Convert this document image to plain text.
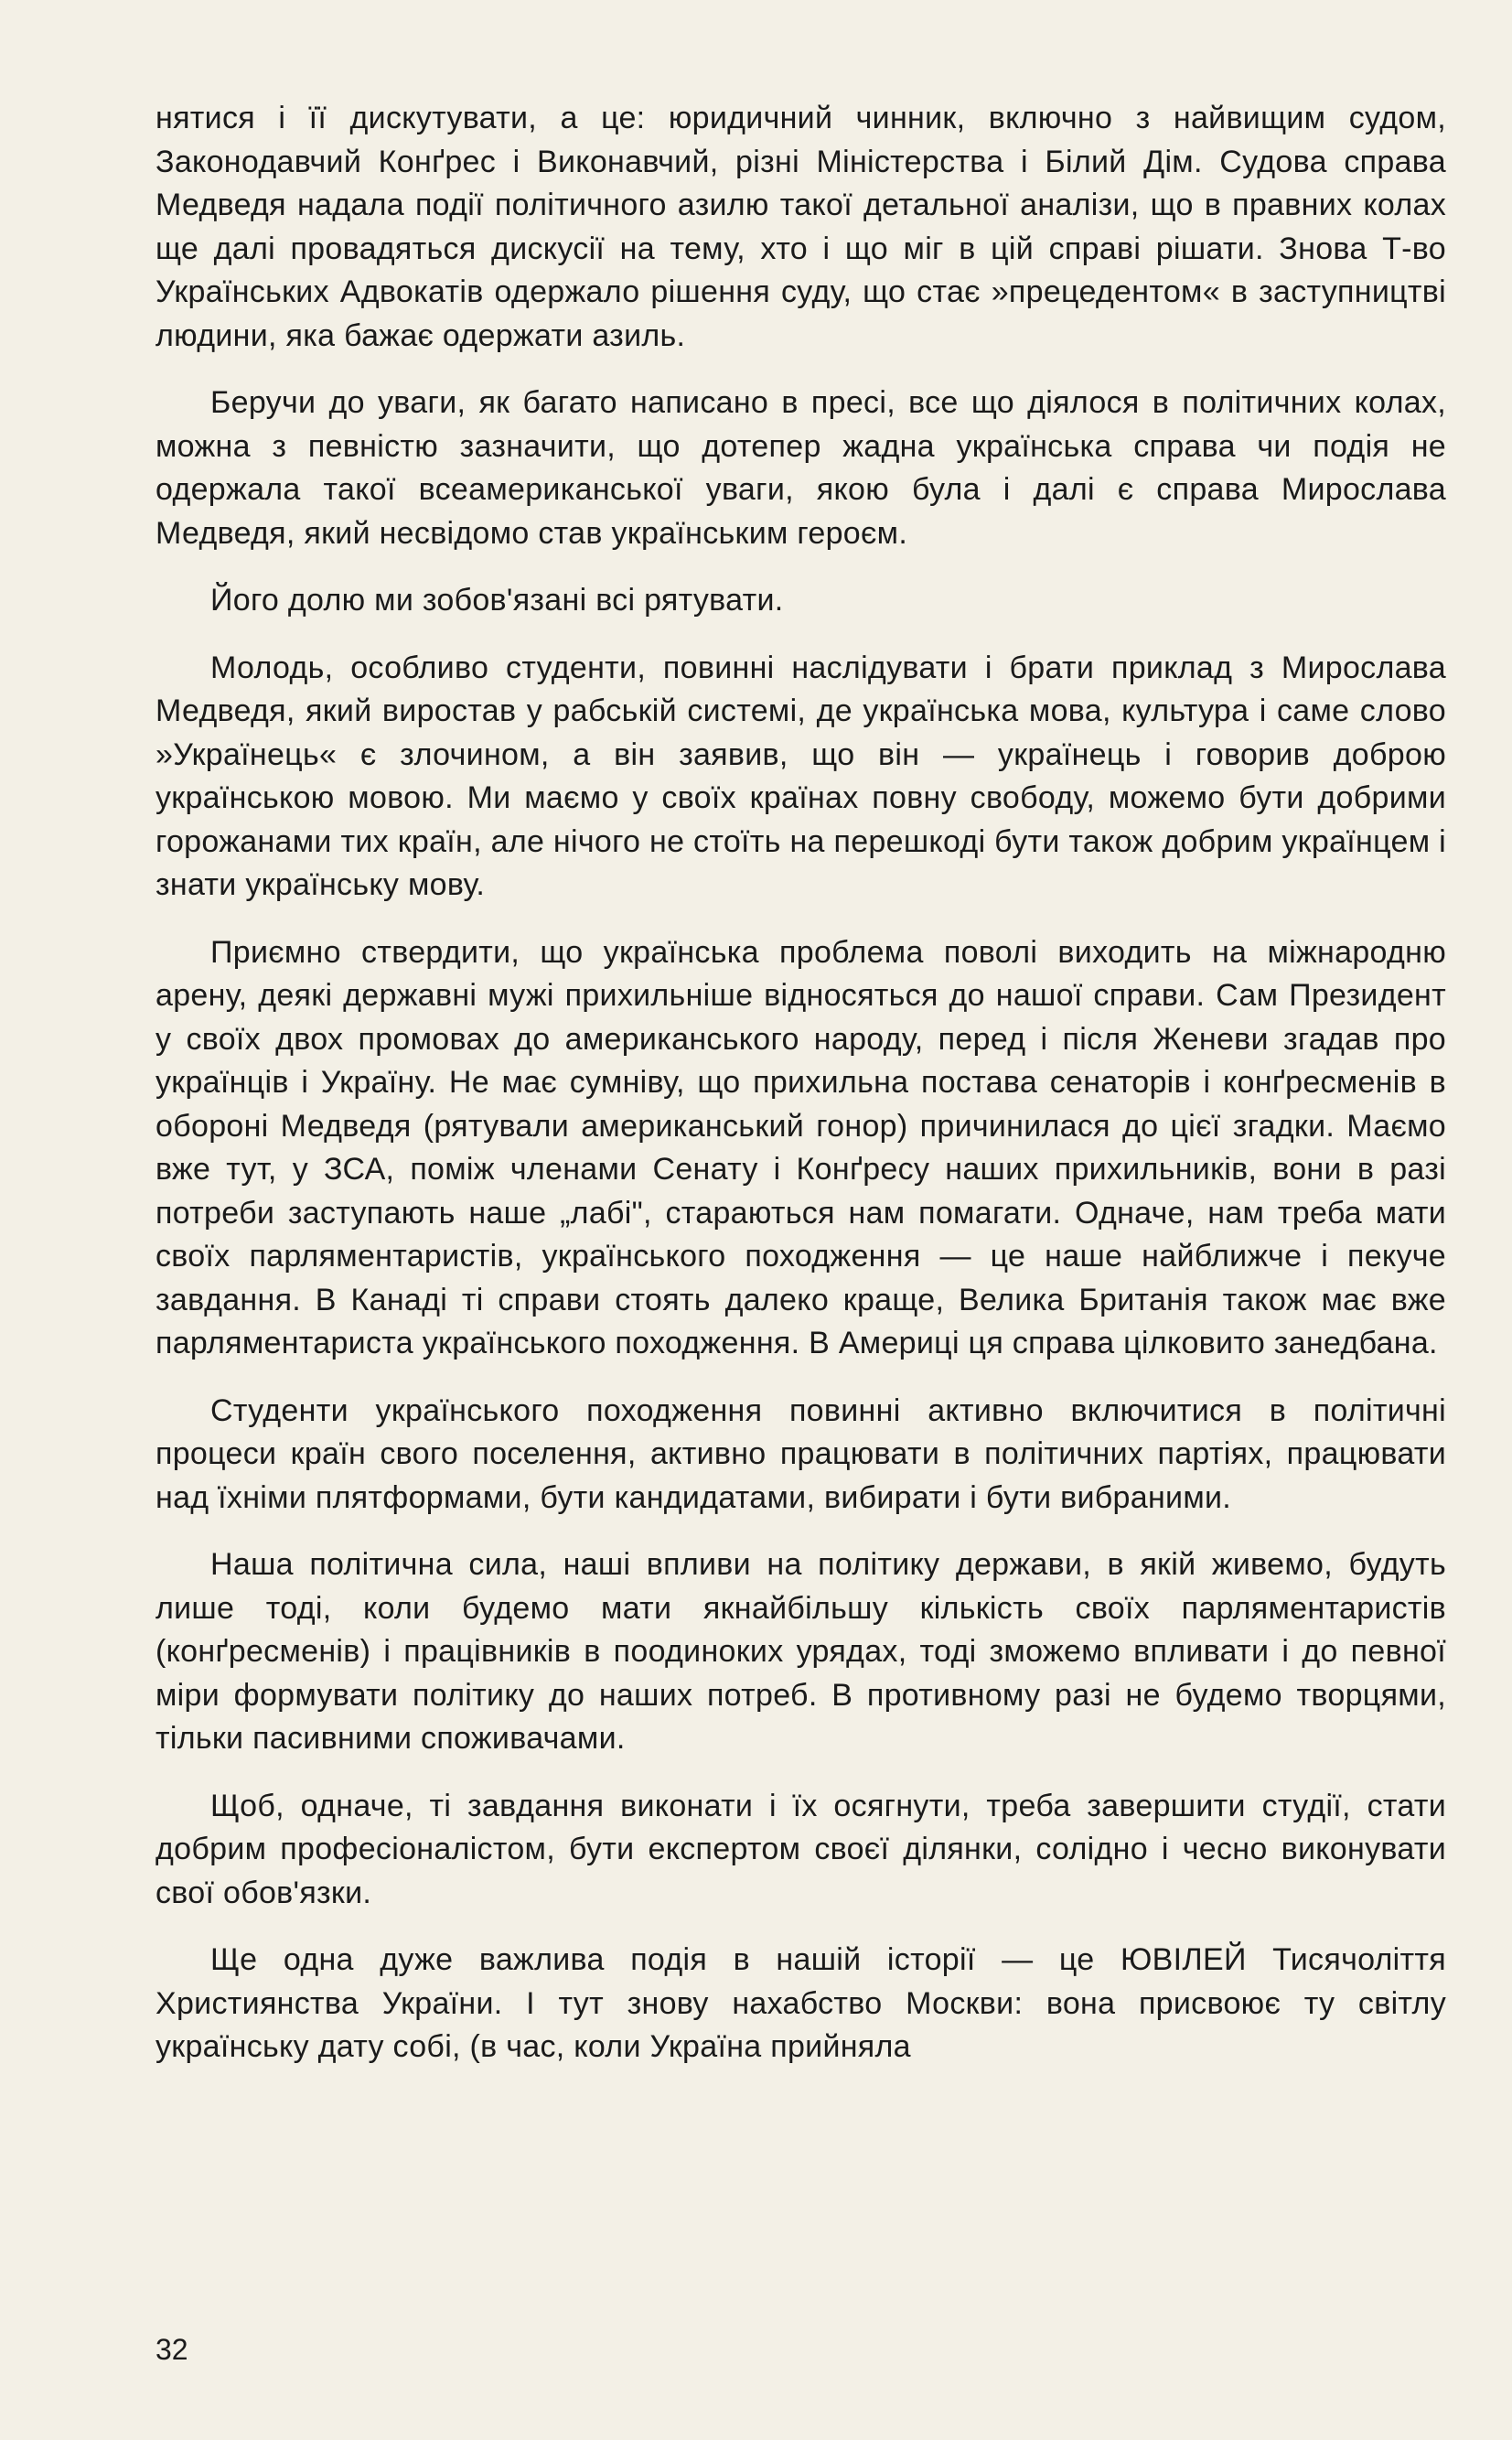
нятися і її дискутувати, а це: юридичний чинник, включно з найвищим судом, Законодавчий Конґрес і Виконавчий, різні Міністерства і Білий Дім. Судова справа Медведя надала події політичного азилю такої детальної аналізи, що в правних колах ще далі провадяться дискусії на тему, хто і що міг в цій справі рішати. Знова Т-во Українських Адвокатів одержало рішення суду, що стає »прецедентом« в заступництві людини, яка бажає одержати азиль.

Беручи до уваги, як багато написано в пресі, все що діялося в політичних колах, можна з певністю зазначити, що дотепер жадна українська справа чи подія не одержала такої всеамериканської уваги, якою була і далі є справа Мирослава Медведя, який несвідомо став українським героєм.

Його долю ми зобов'язані всі рятувати.

Молодь, особливо студенти, повинні наслідувати і брати приклад з Мирослава Медведя, який виростав у рабській системі, де українська мова, культура і саме слово »Українець« є злочином, а він заявив, що він — українець і говорив доброю українською мовою. Ми маємо у своїх країнах повну свободу, можемо бути добрими горожанами тих країн, але нічого не стоїть на перешкоді бути також добрим українцем і знати українську мову.

Приємно ствердити, що українська проблема поволі виходить на міжнародню арену, деякі державні мужі прихильніше відносяться до нашої справи. Сам Президент у своїх двох промовах до американського народу, перед і після Женеви згадав про українців і Україну. Не має сумніву, що прихильна постава сенаторів і конґресменів в обороні Медведя (рятували американський гонор) причинилася до цієї згадки. Маємо вже тут, у ЗСА, поміж членами Сенату і Конґресу наших прихильників, вони в разі потреби заступають наше „лабі", стараються нам помагати. Одначе, нам треба мати своїх парляментаристів, українського походження — це наше найближче і пекуче завдання. В Канаді ті справи стоять далеко краще, Велика Британія також має вже парляментариста українського походження. В Америці ця справа цілковито занедбана.

Студенти українського походження повинні активно включитися в політичні процеси країн свого поселення, активно працювати в політичних партіях, працювати над їхніми плятформами, бути кандидатами, вибирати і бути вибраними.

Наша політична сила, наші впливи на політику держави, в якій живемо, будуть лише тоді, коли будемо мати якнайбільшу кількість своїх парляментаристів (конґресменів) і працівників в поодиноких урядах, тоді зможемо впливати і до певної міри формувати політику до наших потреб. В противному разі не будемо творцями, тільки пасивними споживачами.

Щоб, одначе, ті завдання виконати і їх осягнути, треба завершити студії, стати добрим професіоналістом, бути експертом своєї ділянки, солідно і чесно виконувати свої обов'язки.

Ще одна дуже важлива подія в нашій історії — це ЮВІЛЕЙ Тисячоліття Християнства України. І тут знову нахабство Москви: вона присвоює ту світлу українську дату собі, (в час, коли Україна прийняла

32
